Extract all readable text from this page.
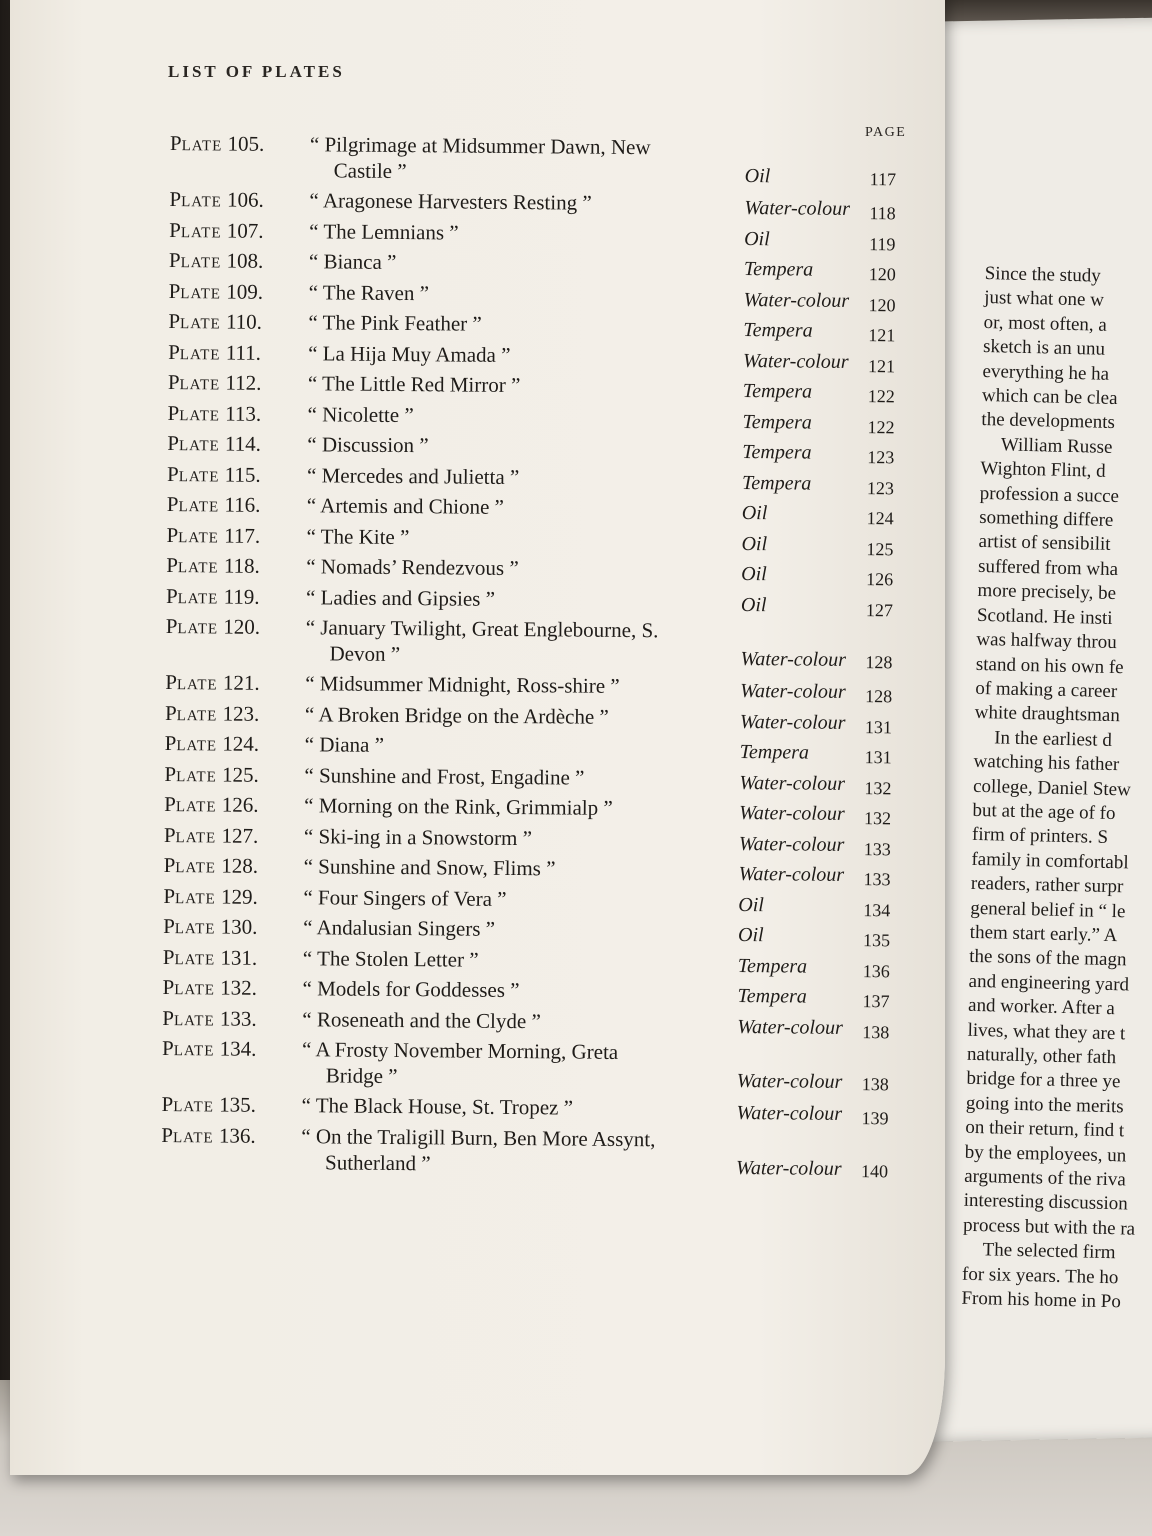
LIST OF PLATES
PAGE
PLATE 105. “ Pilgrimage at Midsummer Dawn, New
Castile ”	Oil	117
PLATE 106. “ Aragonese Harvesters Resting ”	Water-colour 118
PLATE 107. “ The Lemnians ”	Oil	119
PLATE 108. “ Bianca ”	Tempera	120
PLATE 109. “ The Raven ”	Water-colour 120
PLATE 110. “ The Pink Feather ”	Tempera	121
PLATE 111. “ La Hija Muy Amada ”	Water-colour 121
PLATE 112. “ The Little Red Mirror ”	Tempera	122
PLATE 113. “ Nicolette ”	Tempera	122
PLATE 114. “ Discussion ”	Tempera	123
PLATE 115. “ Mercedes and Julietta ”	Tempera	123
PLATE 116. “ Artemis and Chione ”	Oil	124
PLATE 117. “ The Kite ”	Oil	125
PLATE 118. “ Nomads’ Rendezvous ”	Oil	126
PLATE 119. “ Ladies and Gipsies ”	Oil	127
PLATE 120. “ January Twilight, Great Englebourne, S.
Devon ”	Water-colour 128
PLATE 121. “ Midsummer Midnight, Ross-shire ”	Water-colour 128
PLATE 123. “ A Broken Bridge on the Ardèche ”	Water-colour 131
PLATE 124. “ Diana ”	Tempera	131
PLATE 125. “ Sunshine and Frost, Engadine ”	Water-colour 132
PLATE 126. “ Morning on the Rink, Grimmialp ”	Water-colour 132
PLATE 127. “ Ski-ing in a Snowstorm ”	Water-colour 133
PLATE 128. “ Sunshine and Snow, Flims ”	Water-colour 133
PLATE 129. “ Four Singers of Vera ”	Oil	134
PLATE 130. “ Andalusian Singers ”	Oil	135
PLATE 131. “ The Stolen Letter ”	Tempera	136
PLATE 132. “ Models for Goddesses ”	Tempera	137
PLATE 133. “ Roseneath and the Clyde ”	Water-colour 138
PLATE 134. “ A Frosty November Morning, Greta
Bridge ”	Water-colour 138
PLATE 135. “ The Black House, St. Tropez ”	Water-colour 139
PLATE 136. “ On the Traligill Burn, Ben More Assynt,
Sutherland ”	Water-colour 140
Since the study
just what one w
or, most often, a
sketch is an unu
everything he ha
which can be clea
the developments
William Russe
Wighton Flint, d
profession a succe
something differe
artist of sensibilit
suffered from wha
more precisely, be
Scotland. He insti
was halfway throu
stand on his own fe
of making a career
white draughtsman
In the earliest d
watching his father
college, Daniel Stew
but at the age of fo
firm of printers. S
family in comfortabl
readers, rather surpr
general belief in “ le
them start early.” A
the sons of the magn
and engineering yard
and worker. After a
lives, what they are t
naturally, other fath
bridge for a three ye
going into the merits
on their return, find t
by the employees, un
arguments of the riva
interesting discussion
process but with the ra
The selected firm
for six years. The ho
From his home in Po
